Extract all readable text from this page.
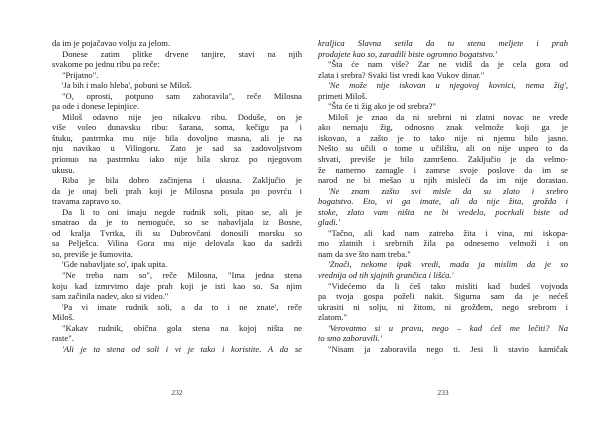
da im je pojačavao volju za jelom.
Donese zatim plitke drvene tanjire, stavi na njih
svakome po jednu ribu pa reče:
"Prijatno".
'Ja bih i malo hleba', pobuni se Miloš.
"O, oprosti, potpuno sam zaboravila", reče Milosna
pa ode i donese lepinjice.
Miloš odavno nije jeo nikakvu ribu. Doduše, on je
više voleo dunavsku ribu: šarana, soma, kečigu pa i
štuku, pastrmka mu nije bila dovoljno masna, ali je na
nju navikao u Vilingoru. Zato je sad sa zadovoljstvom
prionuo na pastrmku iako nije bila skroz po njegovom
ukusu.
Riba je bila dobro začinjena i ukusna. Zaključio je
da je onaj beli prah koji je Milosna posula po povrću i
travama zapravo so.
Da li to oni imaju negde rudnik soli, pitao se, ali je
smatrao da je to nemoguće, so se nabavljala iz Bosne,
od kralja Tvrtka, ili su Dubrovčani donosili morsku so
sa Pelješca. Vilina Gora mu nije delovala kao da sadrži
so, previše je šumovita.
'Gde nabavljate so', ipak upita.
"Ne treba nam so", reče Milosna, "Ima jedna stena
koju kad izmrvimo daje prah koji je isti kao so. Sa njim
sam začinila nadev, ako si video."
'Pa vi imate rudnik soli, a da to i ne znate', reče
Miloš.
"Kakav rudnik, obična gola stena na kojoj ništa ne
raste".
'Ali je ta stena od soli i vi je tako i koristite. A da se
kraljica Slavna setila da tu stenu meljete i prah
prodajete kao so, zaradili biste ogromno bogatstvo.'
"Šta će nam više? Zar ne vidiš da je cela gora od
zlata i srebra? Svaki list vredi kao Vukov dinar."
'Ne može nije iskovan u njegovoj kovnici, nema žig',
primeti Miloš.
"Šta će ti žig ako je od srebra?"
Miloš je znao da ni srebrni ni zlatni novac ne vrede
ako nemaju žig, odnosno znak velmože koji ga je
iskovao, a zašto je to tako nije ni njemu bilo jasno.
Nešto su učili o tome u učilištu, ali on nije uspeo to da
shvati, previše je bilo zamršeno. Zaključio je da velmo-
že namerno zamagle i zamrse svoje poslove da im se
narod ne bi mešao u njih misleći da im nije dorastao.
'Ne znam zašto svi misle da su zlato i srebro
bogatstvo. Eto, vi ga imate, ali da nije žita, grožđa i
stoke, zlato vam ništa ne bi vredelo, pocrkali biste od
gladi.'
"Tačno, ali kad nam zatreba žita i vina, mi iskopa-
mo zlatnih i srebrnih žila pa odnesemo velmoži i on
nam da sve što nam treba."
'Znači, nekome ipak vredi, mada ja mislim da je so
vrednija od tih sjajnih grančica i lišća.'
"Videćemo da li ćeš tako misliti kad budeš vojvoda
pa tvoja gospa poželi nakit. Sigurna sam da je nećeš
ukrasiti ni solju, ni žitom, ni grožđem, nego srebrom i
zlatom."
'Verovatmo si u pravu, nego – kad ćeš me lečiti? Na
to smo zaboravili.'
"Nisam ja zaboravila nego ti. Jesi li stavio kamičak
232	233
